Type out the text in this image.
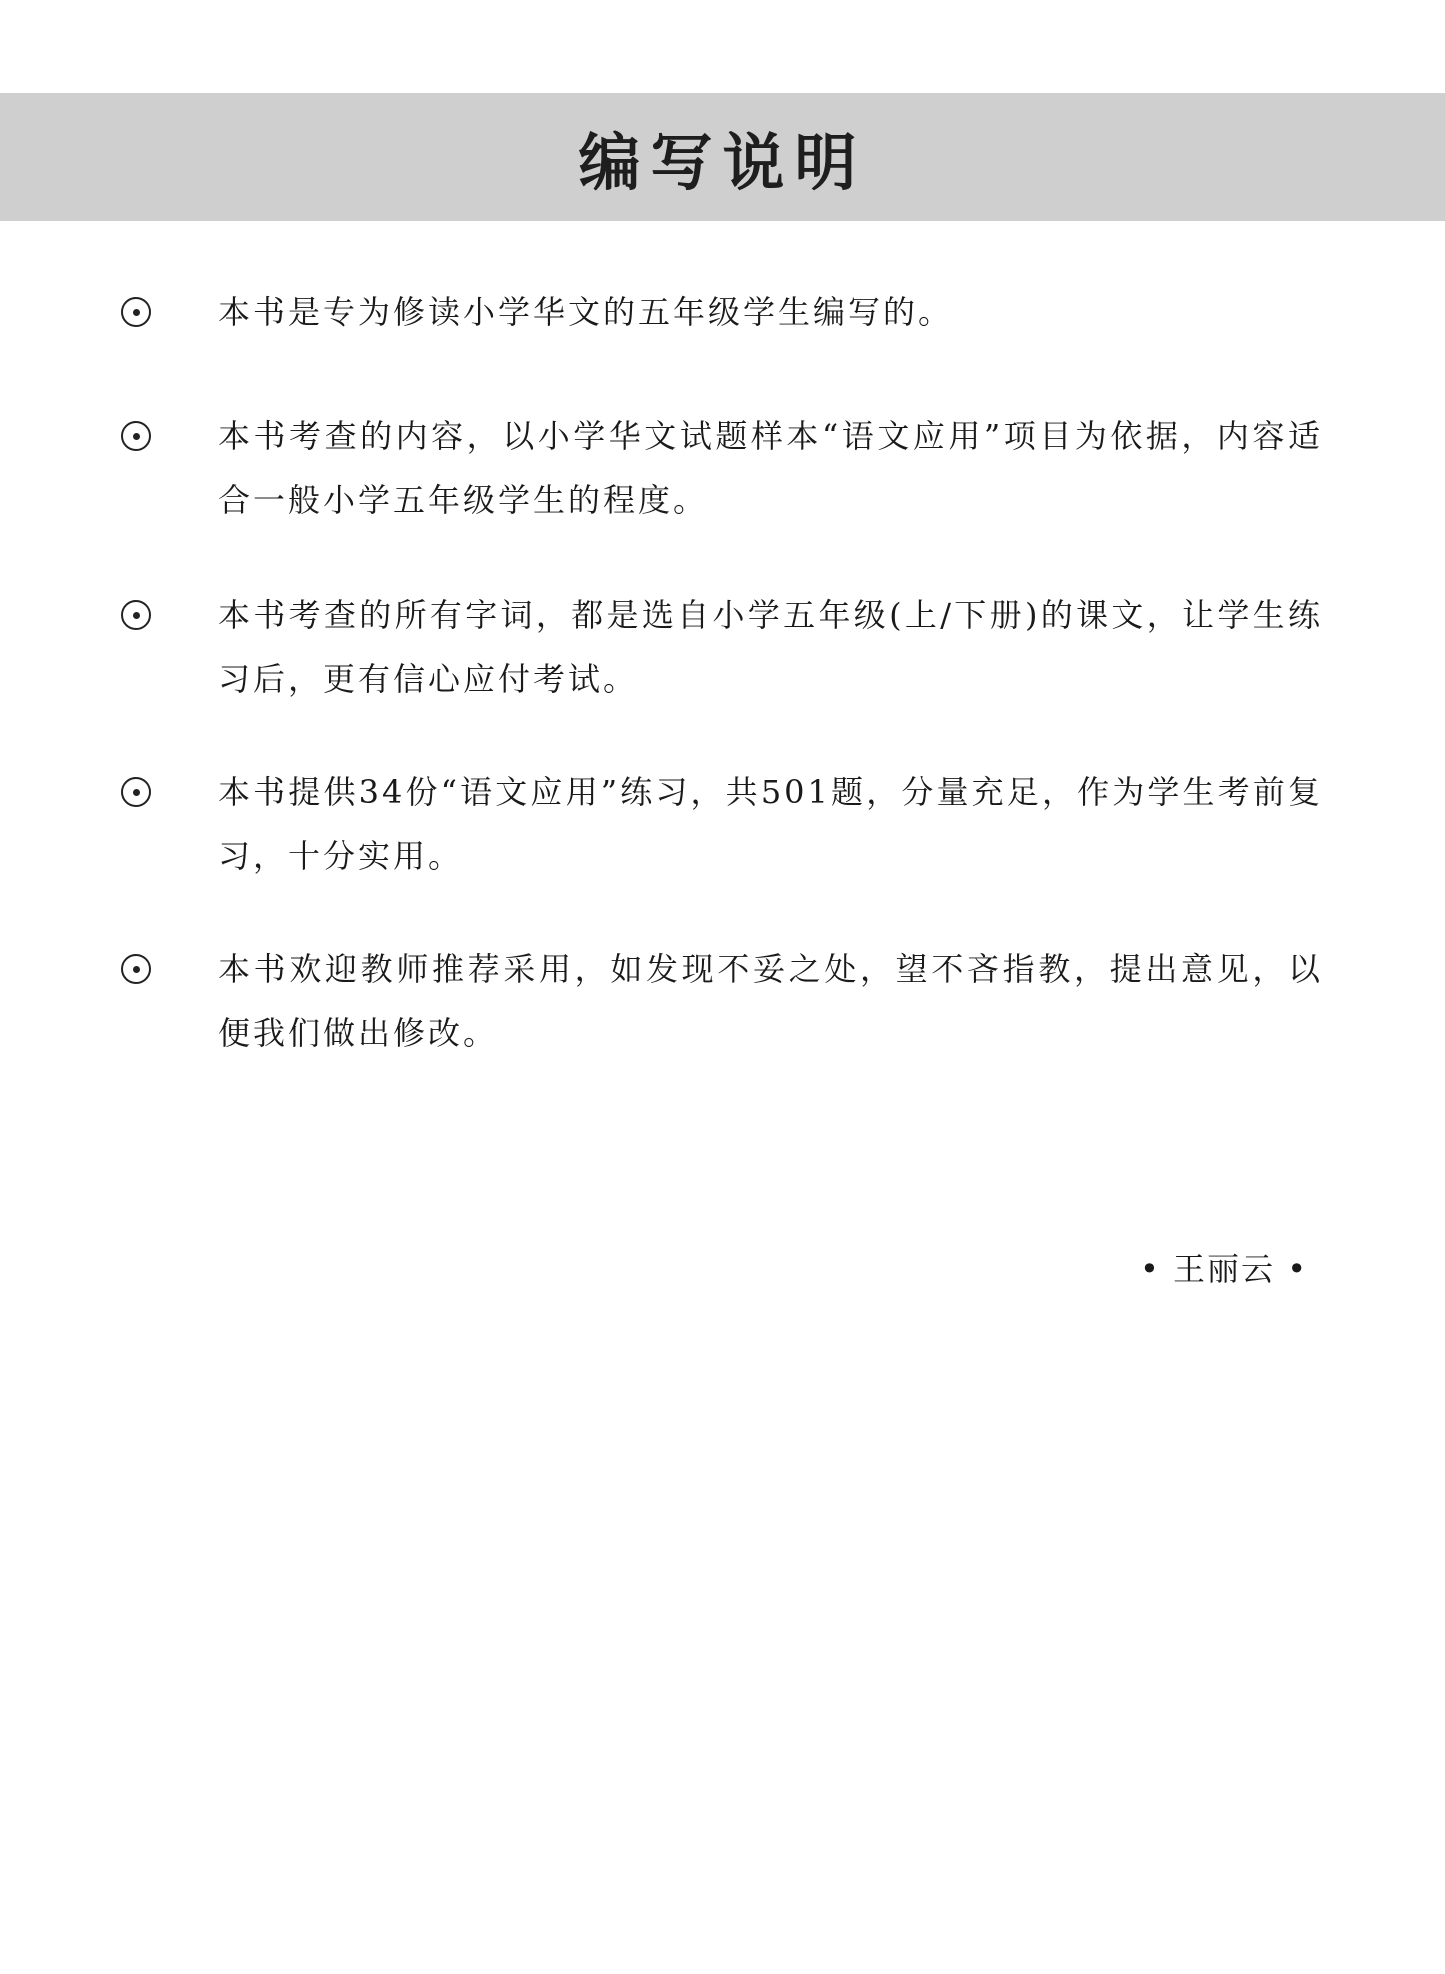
编写说明
本书是专为修读小学华文的五年级学生编写的。
本书考查的内容，以小学华文试题样本“语文应用”项目为依据，内容适合一般小学五年级学生的程度。
本书考查的所有字词，都是选自小学五年级(上/下册)的课文，让学生练习后，更有信心应付考试。
本书提供34份“语文应用”练习，共501题，分量充足，作为学生考前复习，十分实用。
本书欢迎教师推荐采用，如发现不妥之处，望不吝指教，提出意见，以便我们做出修改。
• 王丽云 •
